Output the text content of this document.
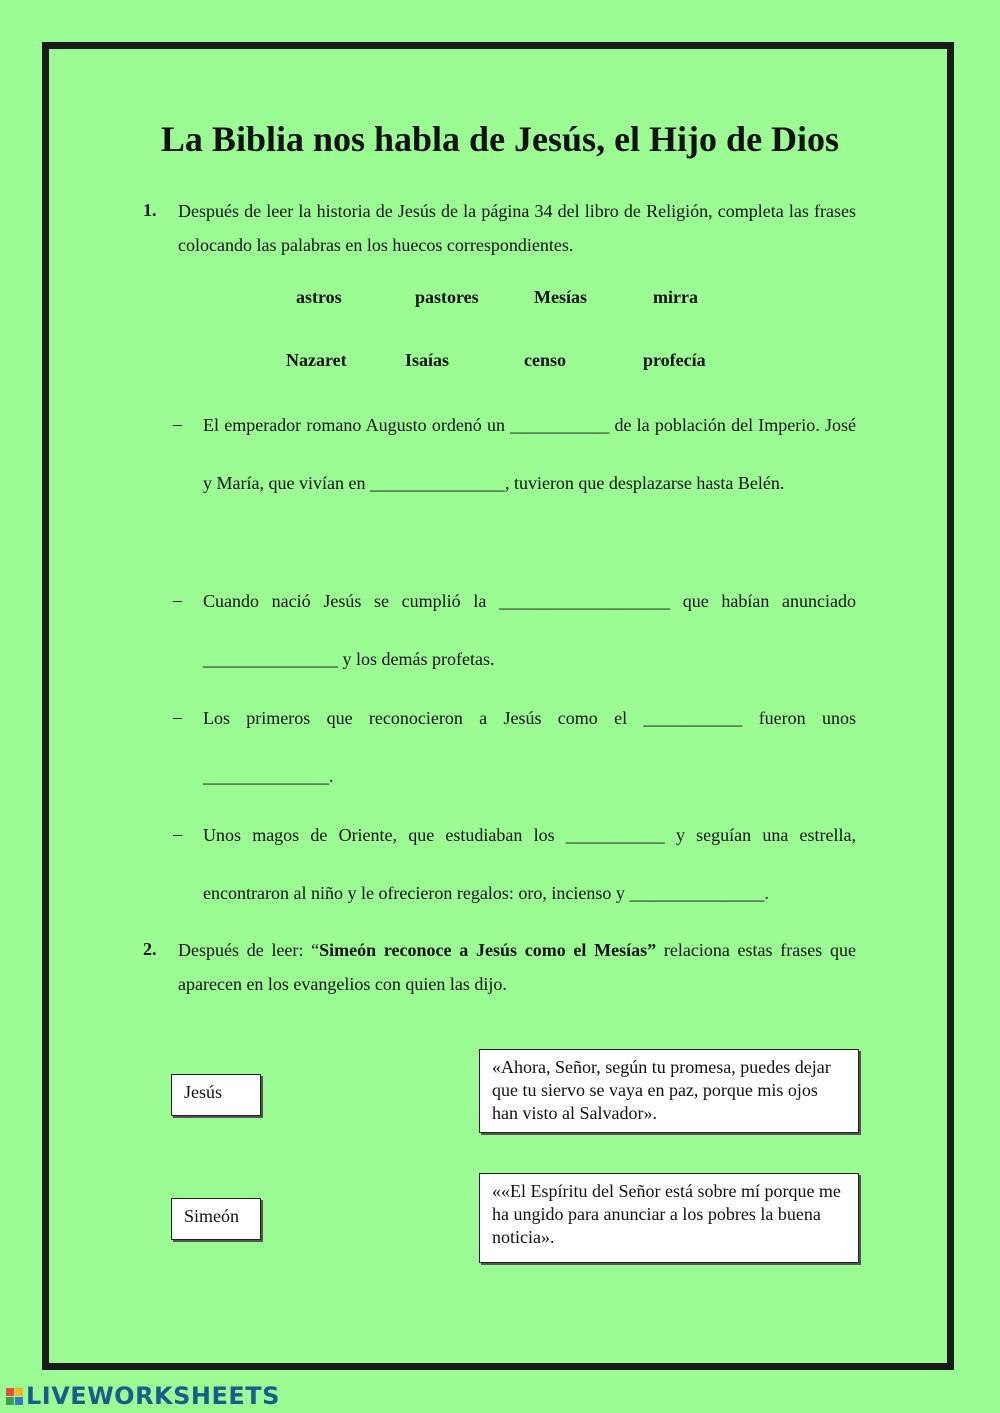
La Biblia nos habla de Jesús, el Hijo de Dios
1. Después de leer la historia de Jesús de la página 34 del libro de Religión, completa las frases colocando las palabras en los huecos correspondientes.
astros	pastores	Mesías	mirra
Nazaret	Isaías	censo	profecía
– El emperador romano Augusto ordenó un ___________ de la población del Imperio. José y María, que vivían en _______________, tuvieron que desplazarse hasta Belén.
– Cuando nació Jesús se cumplió la ___________________ que habían anunciado _______________ y los demás profetas.
– Los primeros que reconocieron a Jesús como el ___________ fueron unos ______________.
– Unos magos de Oriente, que estudiaban los ___________ y seguían una estrella, encontraron al niño y le ofrecieron regalos: oro, incienso y _______________.
2. Después de leer: “Simeón reconoce a Jesús como el Mesías” relaciona estas frases que aparecen en los evangelios con quien las dijo.
Jesús
Simeón
«Ahora, Señor, según tu promesa, puedes dejar que tu siervo se vaya en paz, porque mis ojos han visto al Salvador».
««El Espíritu del Señor está sobre mí porque me ha ungido para anunciar a los pobres la buena noticia».
LIVEWORKSHEETS
